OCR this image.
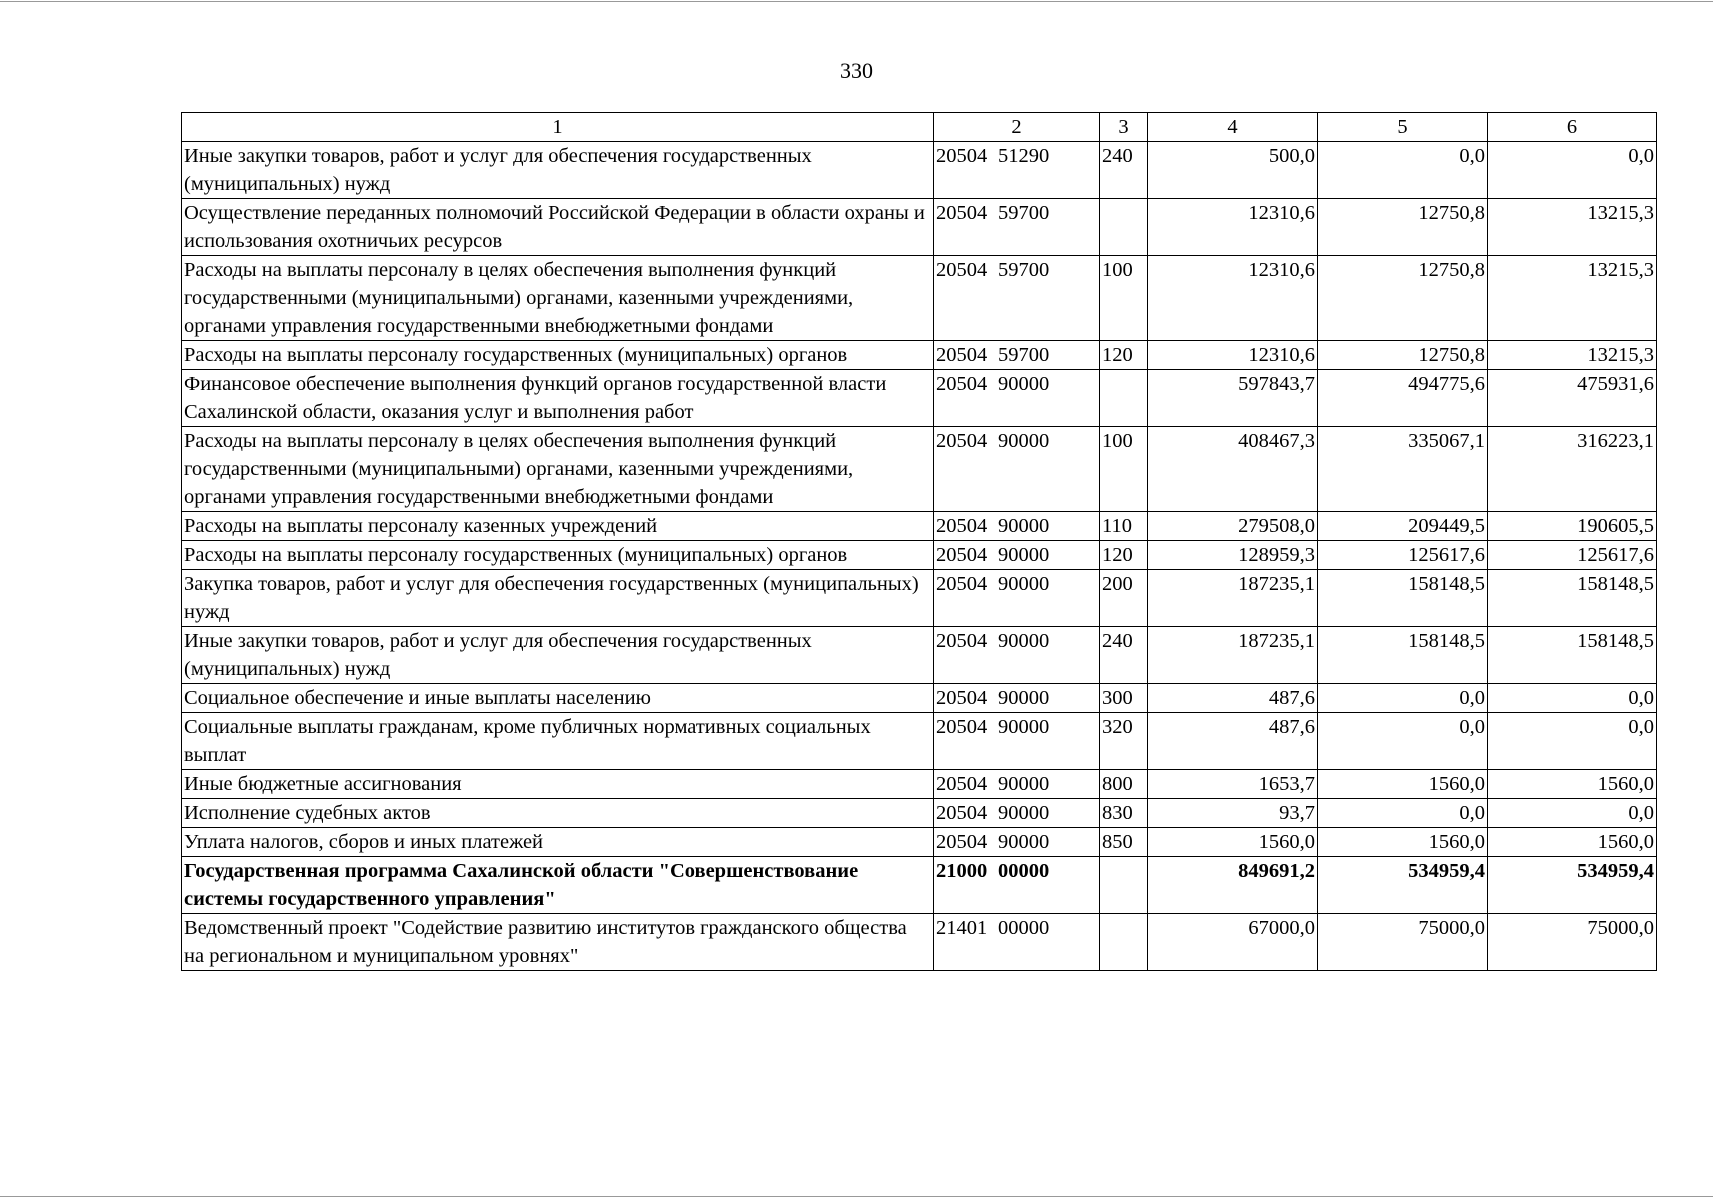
330
1	2	3	4	5	6
Иные закупки товаров, работ и услуг для обеспечения государственных (муниципальных) нужд	20504 51290	240	500,0	0,0	0,0
Осуществление переданных полномочий Российской Федерации в области охраны и использования охотничьих ресурсов	20504 59700		12310,6	12750,8	13215,3
Расходы на выплаты персоналу в целях обеспечения выполнения функций государственными (муниципальными) органами, казенными учреждениями, органами управления государственными внебюджетными фондами	20504 59700	100	12310,6	12750,8	13215,3
Расходы на выплаты персоналу государственных (муниципальных) органов	20504 59700	120	12310,6	12750,8	13215,3
Финансовое обеспечение выполнения функций органов государственной власти Сахалинской области, оказания услуг и выполнения работ	20504 90000		597843,7	494775,6	475931,6
Расходы на выплаты персоналу в целях обеспечения выполнения функций государственными (муниципальными) органами, казенными учреждениями, органами управления государственными внебюджетными фондами	20504 90000	100	408467,3	335067,1	316223,1
Расходы на выплаты персоналу казенных учреждений	20504 90000	110	279508,0	209449,5	190605,5
Расходы на выплаты персоналу государственных (муниципальных) органов	20504 90000	120	128959,3	125617,6	125617,6
Закупка товаров, работ и услуг для обеспечения государственных (муниципальных) нужд	20504 90000	200	187235,1	158148,5	158148,5
Иные закупки товаров, работ и услуг для обеспечения государственных (муниципальных) нужд	20504 90000	240	187235,1	158148,5	158148,5
Социальное обеспечение и иные выплаты населению	20504 90000	300	487,6	0,0	0,0
Социальные выплаты гражданам, кроме публичных нормативных социальных выплат	20504 90000	320	487,6	0,0	0,0
Иные бюджетные ассигнования	20504 90000	800	1653,7	1560,0	1560,0
Исполнение судебных актов	20504 90000	830	93,7	0,0	0,0
Уплата налогов, сборов и иных платежей	20504 90000	850	1560,0	1560,0	1560,0
Государственная программа Сахалинской области "Совершенствование системы государственного управления"	21000 00000		849691,2	534959,4	534959,4
Ведомственный проект "Содействие развитию институтов гражданского общества на региональном и муниципальном уровнях"	21401 00000		67000,0	75000,0	75000,0
